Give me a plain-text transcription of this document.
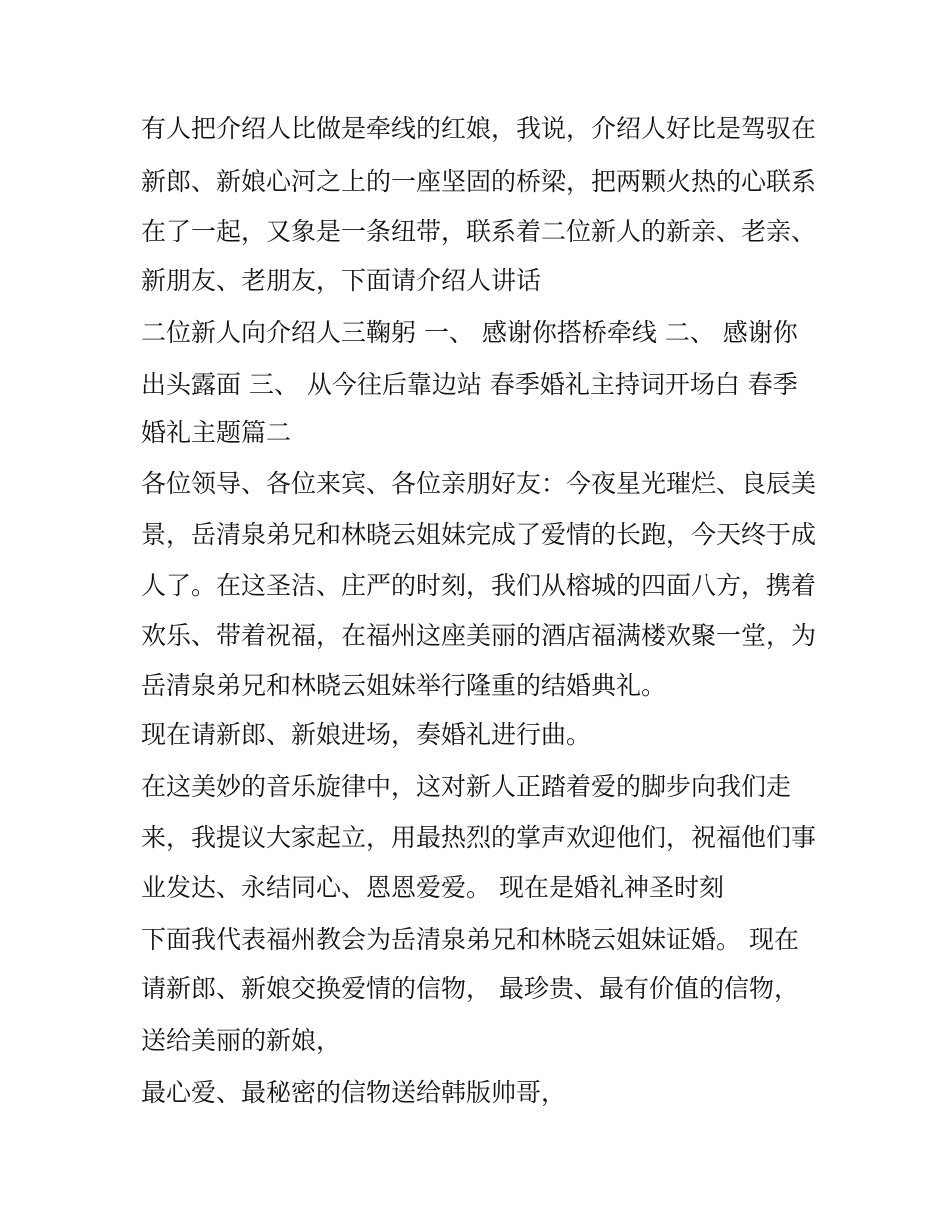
有人把介绍人比做是牵线的红娘，我说，介绍人好比是驾驭在
新郎、新娘心河之上的一座坚固的桥梁，把两颗火热的心联系
在了一起，又象是一条纽带，联系着二位新人的新亲、老亲、
新朋友、老朋友，下面请介绍人讲话
二位新人向介绍人三鞠躬 一、 感谢你搭桥牵线 二、 感谢你
出头露面 三、 从今往后靠边站 春季婚礼主持词开场白 春季
婚礼主题篇二
各位领导、各位来宾、各位亲朋好友：今夜星光璀烂、良辰美
景，岳清泉弟兄和林晓云姐妹完成了爱情的长跑，今天终于成
人了。在这圣洁、庄严的时刻，我们从榕城的四面八方，携着
欢乐、带着祝福，在福州这座美丽的酒店福满楼欢聚一堂，为
岳清泉弟兄和林晓云姐妹举行隆重的结婚典礼。
现在请新郎、新娘进场，奏婚礼进行曲。
在这美妙的音乐旋律中，这对新人正踏着爱的脚步向我们走
来，我提议大家起立，用最热烈的掌声欢迎他们，祝福他们事
业发达、永结同心、恩恩爱爱。 现在是婚礼神圣时刻
下面我代表福州教会为岳清泉弟兄和林晓云姐妹证婚。 现在
请新郎、新娘交换爱情的信物， 最珍贵、最有价值的信物，
送给美丽的新娘，
最心爱、最秘密的信物送给韩版帅哥，
